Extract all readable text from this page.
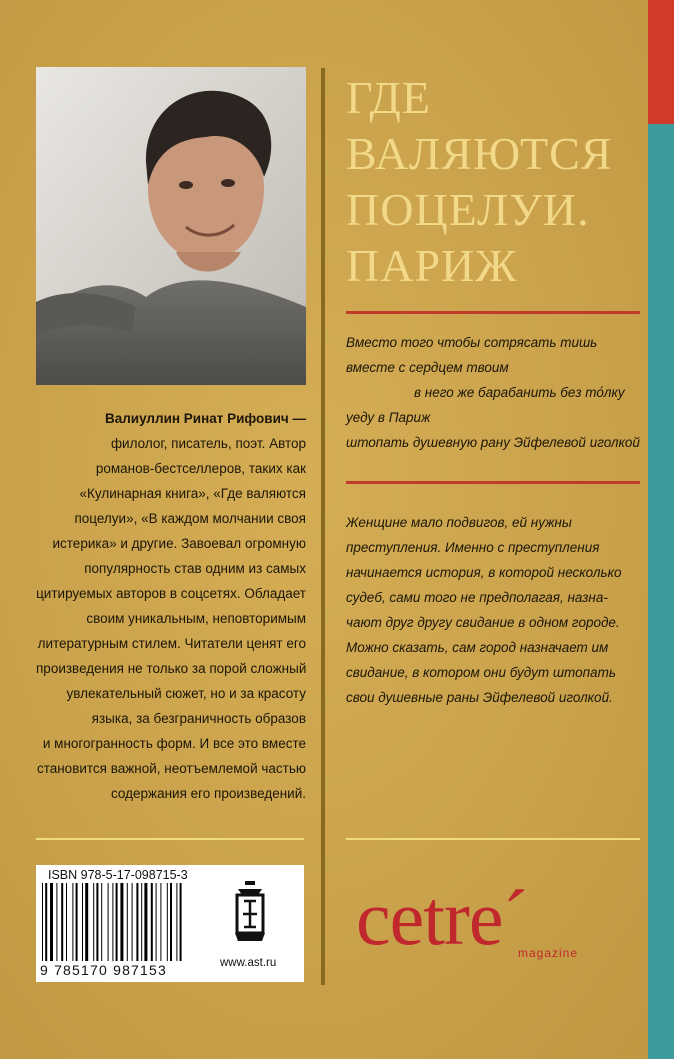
ГДЕ
ВАЛЯЮТСЯ
ПОЦЕЛУИ.
ПАРИЖ
Вместо того чтобы сотрясать тишь
вместе с сердцем твоим
в него же барабанить без то́лку
уеду в Париж
штопать душевную рану Эйфелевой иголкой
Женщине мало подвигов, ей нужны
преступления. Именно с преступления
начинается история, в которой несколько
судеб, сами того не предполагая, назна-
чают друг другу свидание в одном городе.
Можно сказать, сам город назначает им
свидание, в котором они будут штопать
свои душевные раны Эйфелевой иголкой.
Валиуллин Ринат Рифович —
филолог, писатель, поэт. Автор
романов-бестселлеров, таких как
«Кулинарная книга», «Где валяются
поцелуи», «В каждом молчании своя
истерика» и другие. Завоевал огромную
популярность став одним из самых
цитируемых авторов в соцсетях. Обладает
своим уникальным, неповторимым
литературным стилем. Читатели ценят его
произведения не только за порой сложный
увлекательный сюжет, но и за красоту
языка, за безграничность образов
и многогранность форм. И все это вместе
становится важной, неотъемлемой частью
содержания его произведений.
ISBN 978-5-17-098715-3
9 785170 987153	www.ast.ru
cetre´
magazine
